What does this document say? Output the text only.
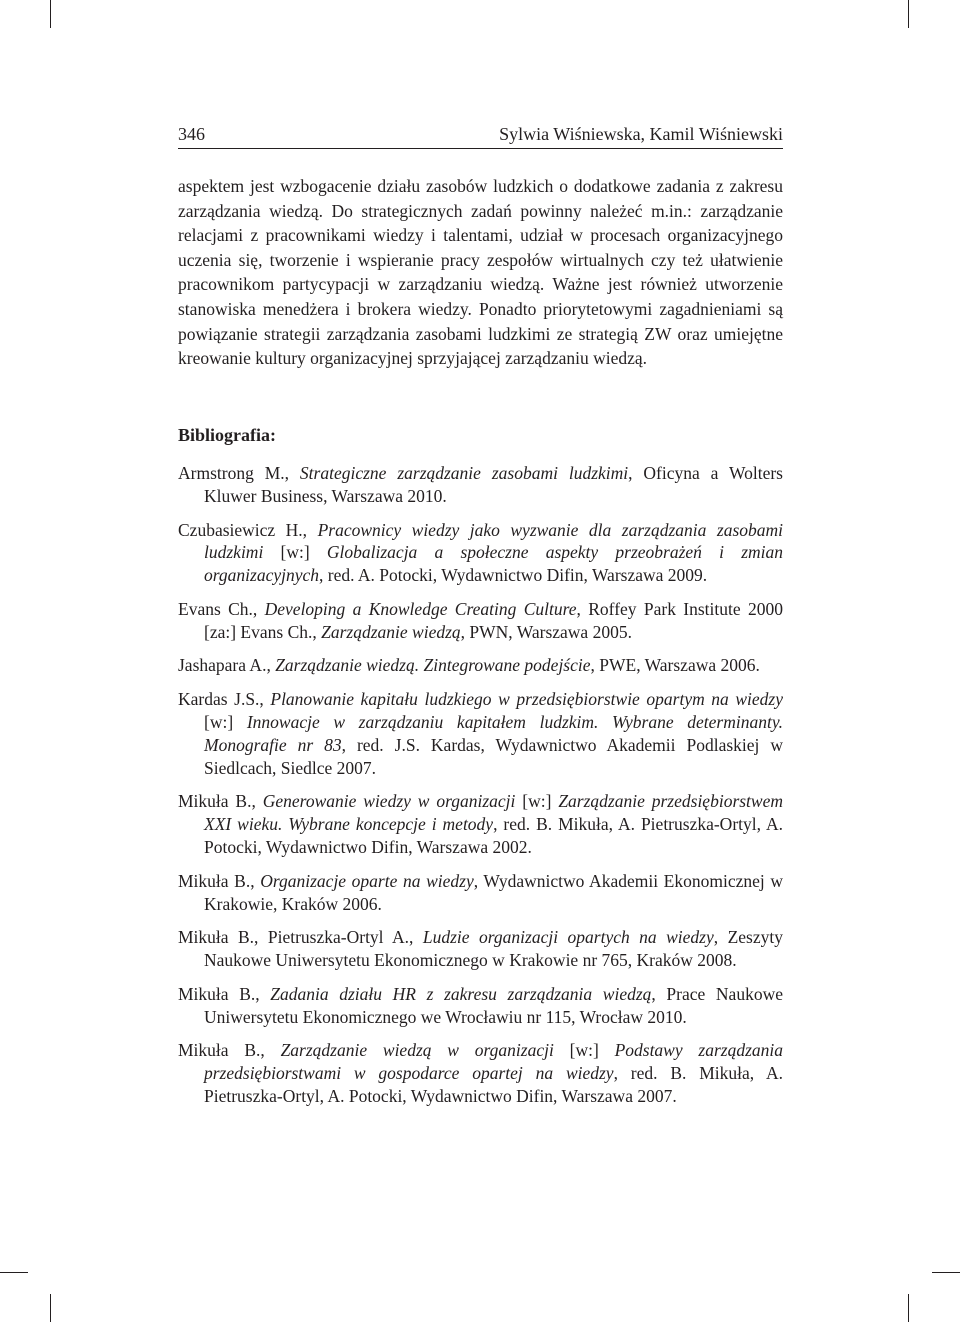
346	Sylwia Wiśniewska, Kamil Wiśniewski

aspektem jest wzbogacenie działu zasobów ludzkich o dodatkowe zadania z zakresu zarządzania wiedzą. Do strategicznych zadań powinny należeć m.in.: zarządzanie relacjami z pracownikami wiedzy i talentami, udział w procesach organizacyjnego uczenia się, tworzenie i wspieranie pracy zespołów wirtualnych czy też ułatwienie pracownikom partycypacji w zarządzaniu wiedzą. Ważne jest również utworzenie stanowiska menedżera i brokera wiedzy. Ponadto priorytetowymi zagadnieniami są powiązanie strategii zarządzania zasobami ludzkimi ze strategią ZW oraz umiejętne kreowanie kultury organizacyjnej sprzyjającej zarządzaniu wiedzą.

Bibliografia:
Armstrong M., Strategiczne zarządzanie zasobami ludzkimi, Oficyna a Wolters Kluwer Business, Warszawa 2010.
Czubasiewicz H., Pracownicy wiedzy jako wyzwanie dla zarządzania zasobami ludzkimi [w:] Globalizacja a społeczne aspekty przeobrażeń i zmian organizacyjnych, red. A. Potocki, Wydawnictwo Difin, Warszawa 2009.
Evans Ch., Developing a Knowledge Creating Culture, Roffey Park Institute 2000 [za:] Evans Ch., Zarządzanie wiedzą, PWN, Warszawa 2005.
Jashapara A., Zarządzanie wiedzą. Zintegrowane podejście, PWE, Warszawa 2006.
Kardas J.S., Planowanie kapitału ludzkiego w przedsiębiorstwie opartym na wiedzy [w:] Innowacje w zarządzaniu kapitałem ludzkim. Wybrane determinanty. Monografie nr 83, red. J.S. Kardas, Wydawnictwo Akademii Podlaskiej w Siedlcach, Siedlce 2007.
Mikuła B., Generowanie wiedzy w organizacji [w:] Zarządzanie przedsiębiorstwem XXI wieku. Wybrane koncepcje i metody, red. B. Mikuła, A. Pietruszka-Ortyl, A. Potocki, Wydawnictwo Difin, Warszawa 2002.
Mikuła B., Organizacje oparte na wiedzy, Wydawnictwo Akademii Ekonomicznej w Krakowie, Kraków 2006.
Mikuła B., Pietruszka-Ortyl A., Ludzie organizacji opartych na wiedzy, Zeszyty Naukowe Uniwersytetu Ekonomicznego w Krakowie nr 765, Kraków 2008.
Mikuła B., Zadania działu HR z zakresu zarządzania wiedzą, Prace Naukowe Uniwersytetu Ekonomicznego we Wrocławiu nr 115, Wrocław 2010.
Mikuła B., Zarządzanie wiedzą w organizacji [w:] Podstawy zarządzania przedsiębiorstwami w gospodarce opartej na wiedzy, red. B. Mikuła, A. Pietruszka-Ortyl, A. Potocki, Wydawnictwo Difin, Warszawa 2007.
